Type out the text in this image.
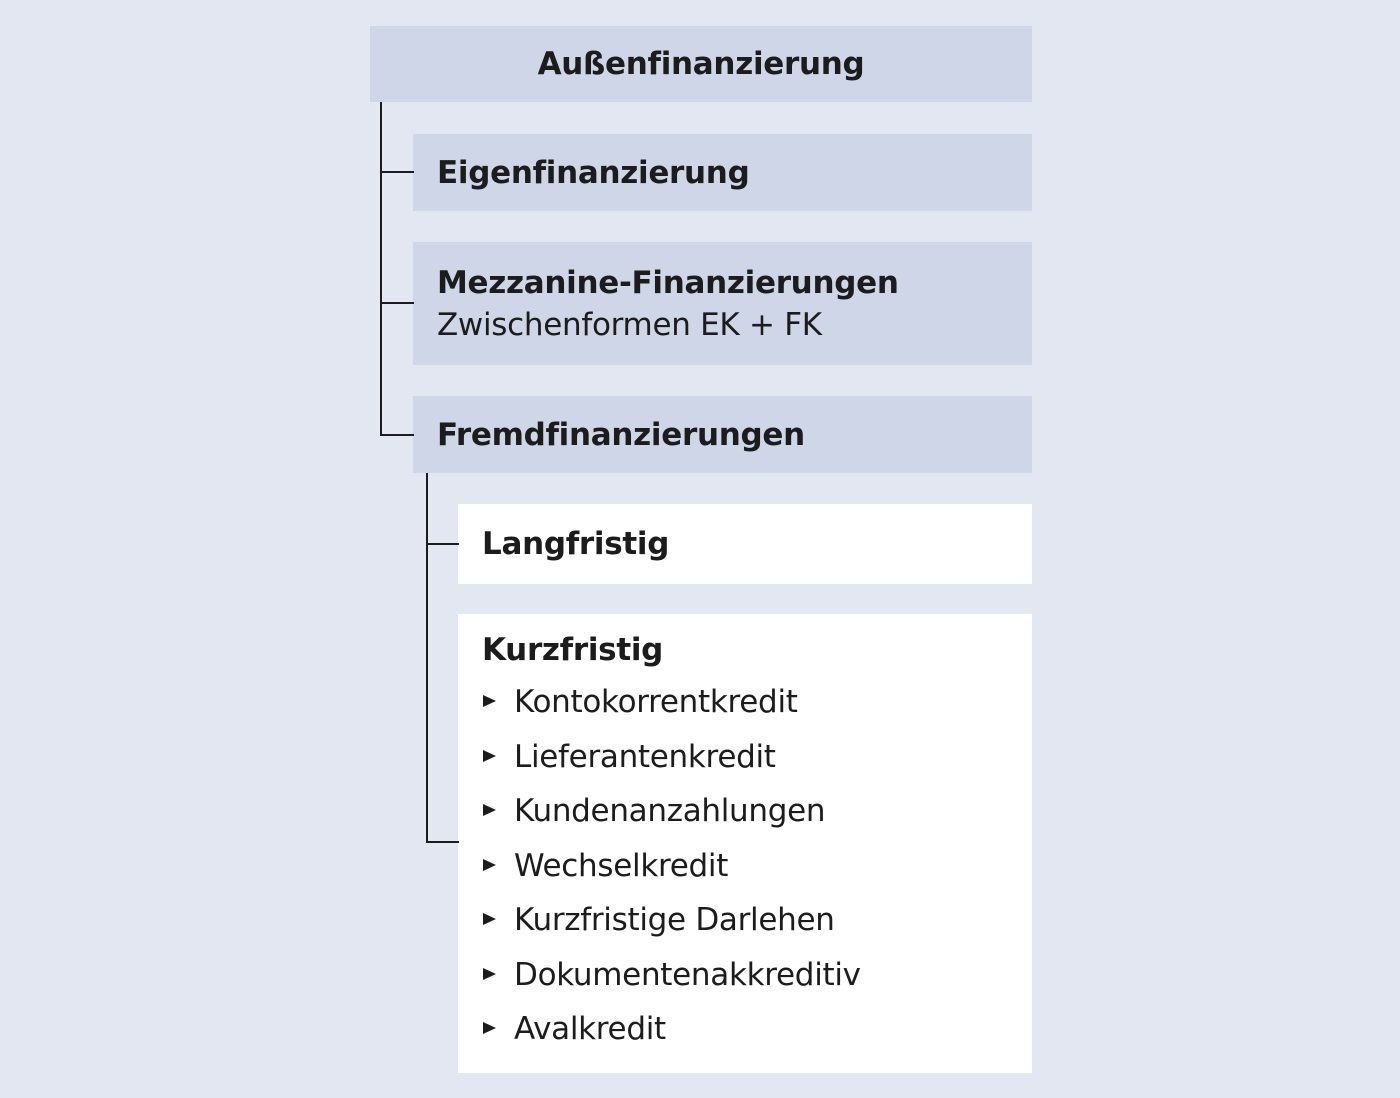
Außenfinanzierung
Eigenfinanzierung
Mezzanine-Finanzierungen
Zwischenformen EK + FK
Fremdfinanzierungen
Langfristig
Kurzfristig
Kontokorrentkredit
Lieferantenkredit
Kundenanzahlungen
Wechselkredit
Kurzfristige Darlehen
Dokumentenakkreditiv
Avalkredit
